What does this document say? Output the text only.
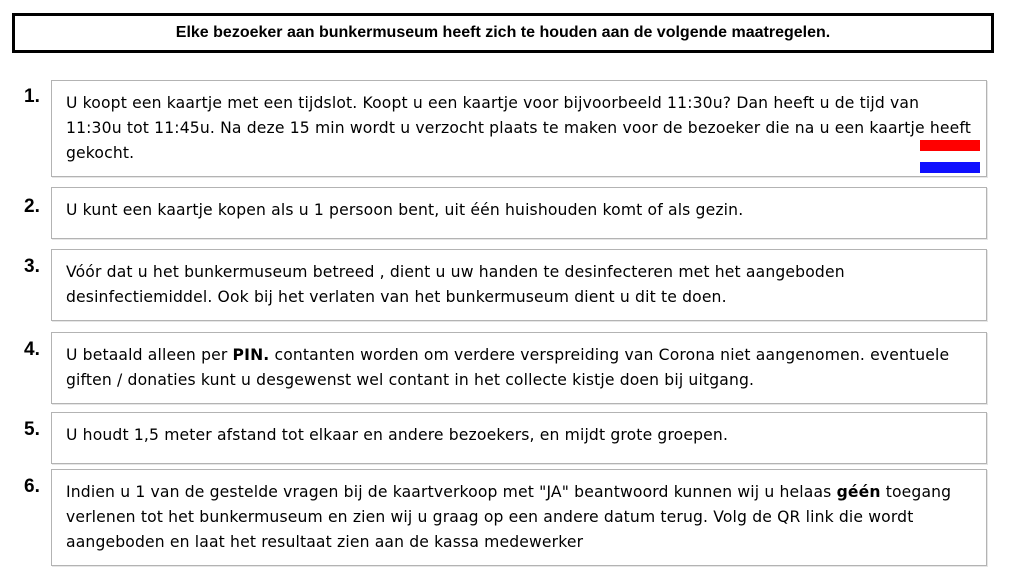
Elke bezoeker aan bunkermuseum heeft zich te houden aan de volgende maatregelen.
1. U koopt een kaartje met een tijdslot. Koopt u een kaartje voor bijvoorbeeld 11:30u? Dan heeft u de tijd van 11:30u tot 11:45u. Na deze 15 min wordt u verzocht plaats te maken voor de bezoeker die na u een kaartje heeft gekocht.

2. U kunt een kaartje kopen als u 1 persoon bent, uit één huishouden komt of als gezin.

3. Vóór dat u het bunkermuseum betreed , dient u uw handen te desinfecteren met het aangeboden desinfectiemiddel. Ook bij het verlaten van het bunkermuseum dient u dit te doen.

4. U betaald alleen per PIN. contanten worden om verdere verspreiding van Corona niet aangenomen. eventuele giften / donaties kunt u desgewenst wel contant in het collecte kistje doen bij uitgang.

5. U houdt 1,5 meter afstand tot elkaar en andere bezoekers, en mijdt grote groepen.

6. Indien u 1 van de gestelde vragen bij de kaartverkoop met "JA" beantwoord kunnen wij u helaas géén toegang verlenen tot het bunkermuseum en zien wij u graag op een andere datum terug. Volg de QR link die wordt aangeboden en laat het resultaat zien aan de kassa medewerker
